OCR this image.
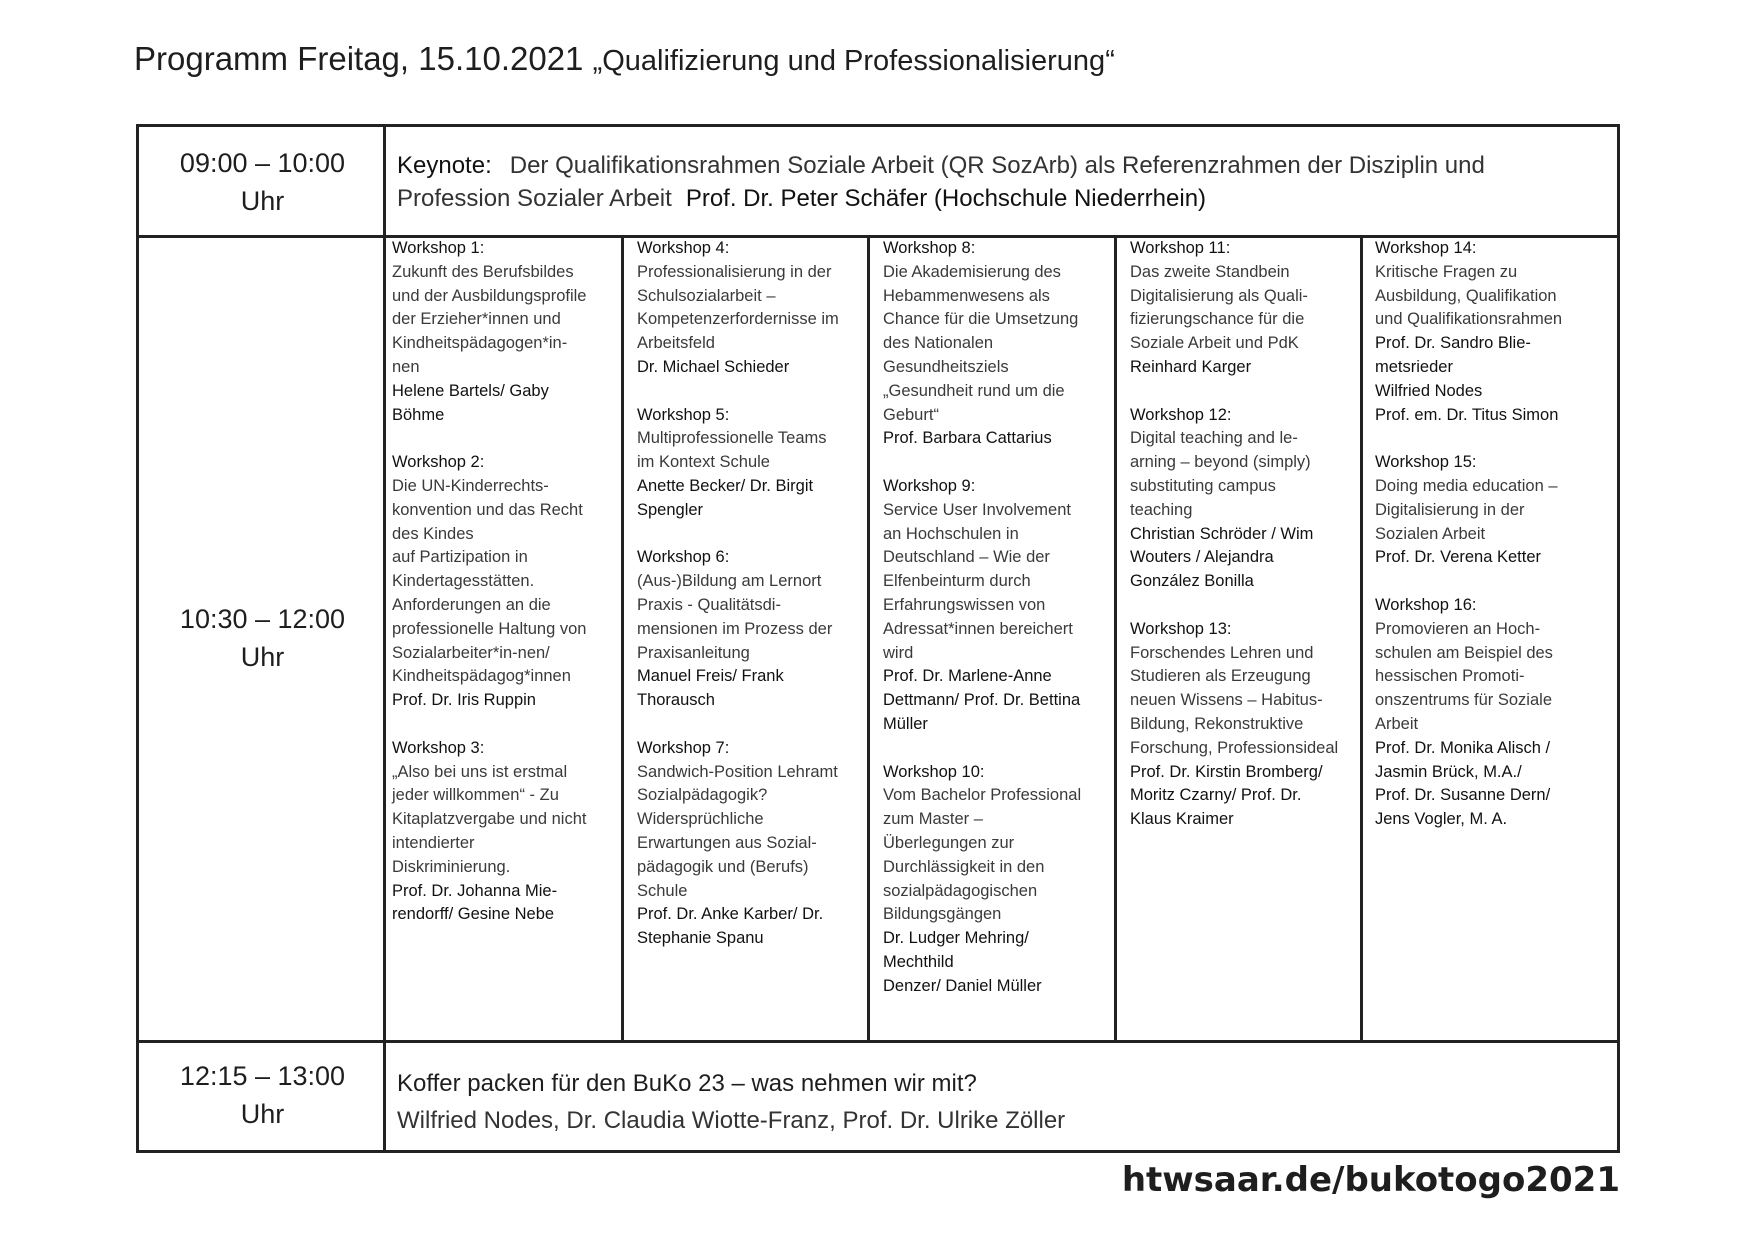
Programm Freitag, 15.10.2021 „Qualifizierung und Professionalisierung“
09:00 – 10:00
Uhr
Keynote: Der Qualifikationsrahmen Soziale Arbeit (QR SozArb) als Referenzrahmen der Disziplin und Profession Sozialer Arbeit Prof. Dr. Peter Schäfer (Hochschule Niederrhein)
10:30 – 12:00
Uhr
Workshop 1:
Zukunft des Berufsbildes
und der Ausbildungsprofile
der Erzieher*innen und
Kindheitspädagogen*in-
nen
Helene Bartels/ Gaby
Böhme
Workshop 2:
Die UN-Kinderrechts-
konvention und das Recht
des Kindes
auf Partizipation in
Kindertagesstätten.
Anforderungen an die
professionelle Haltung von
Sozialarbeiter*in-nen/
Kindheitspädagog*innen
Prof. Dr. Iris Ruppin
Workshop 3:
„Also bei uns ist erstmal
jeder willkommen“ - Zu
Kitaplatzvergabe und nicht
intendierter
Diskriminierung.
Prof. Dr. Johanna Mie-
rendorff/ Gesine Nebe
Workshop 4:
Professionalisierung in der
Schulsozialarbeit –
Kompetenzerfordernisse im
Arbeitsfeld
Dr. Michael Schieder
Workshop 5:
Multiprofessionelle Teams
im Kontext Schule
Anette Becker/ Dr. Birgit
Spengler
Workshop 6:
(Aus-)Bildung am Lernort
Praxis - Qualitätsdi-
mensionen im Prozess der
Praxisanleitung
Manuel Freis/ Frank
Thorausch
Workshop 7:
Sandwich-Position Lehramt
Sozialpädagogik?
Widersprüchliche
Erwartungen aus Sozial-
pädagogik und (Berufs)
Schule
Prof. Dr. Anke Karber/ Dr.
Stephanie Spanu
Workshop 8:
Die Akademisierung des
Hebammenwesens als
Chance für die Umsetzung
des Nationalen
Gesundheitsziels
„Gesundheit rund um die
Geburt“
Prof. Barbara Cattarius
Workshop 9:
Service User Involvement
an Hochschulen in
Deutschland – Wie der
Elfenbeinturm durch
Erfahrungswissen von
Adressat*innen bereichert
wird
Prof. Dr. Marlene-Anne
Dettmann/ Prof. Dr. Bettina
Müller
Workshop 10:
Vom Bachelor Professional
zum Master –
Überlegungen zur
Durchlässigkeit in den
sozialpädagogischen
Bildungsgängen
Dr. Ludger Mehring/
Mechthild
Denzer/ Daniel Müller
Workshop 11:
Das zweite Standbein
Digitalisierung als Quali-
fizierungschance für die
Soziale Arbeit und PdK
Reinhard Karger
Workshop 12:
Digital teaching and le-
arning – beyond (simply)
substituting campus
teaching
Christian Schröder / Wim
Wouters / Alejandra
González Bonilla
Workshop 13:
Forschendes Lehren und
Studieren als Erzeugung
neuen Wissens – Habitus-
Bildung, Rekonstruktive
Forschung, Professionsideal
Prof. Dr. Kirstin Bromberg/
Moritz Czarny/ Prof. Dr.
Klaus Kraimer
Workshop 14:
Kritische Fragen zu
Ausbildung, Qualifikation
und Qualifikationsrahmen
Prof. Dr. Sandro Blie-
metsrieder
Wilfried Nodes
Prof. em. Dr. Titus Simon
Workshop 15:
Doing media education –
Digitalisierung in der
Sozialen Arbeit
Prof. Dr. Verena Ketter
Workshop 16:
Promovieren an Hoch-
schulen am Beispiel des
hessischen Promoti-
onszentrums für Soziale
Arbeit
Prof. Dr. Monika Alisch /
Jasmin Brück, M.A./
Prof. Dr. Susanne Dern/
Jens Vogler, M. A.
12:15 – 13:00
Uhr
Koffer packen für den BuKo 23 – was nehmen wir mit?
Wilfried Nodes, Dr. Claudia Wiotte-Franz, Prof. Dr. Ulrike Zöller
htwsaar.de/bukotogo2021
